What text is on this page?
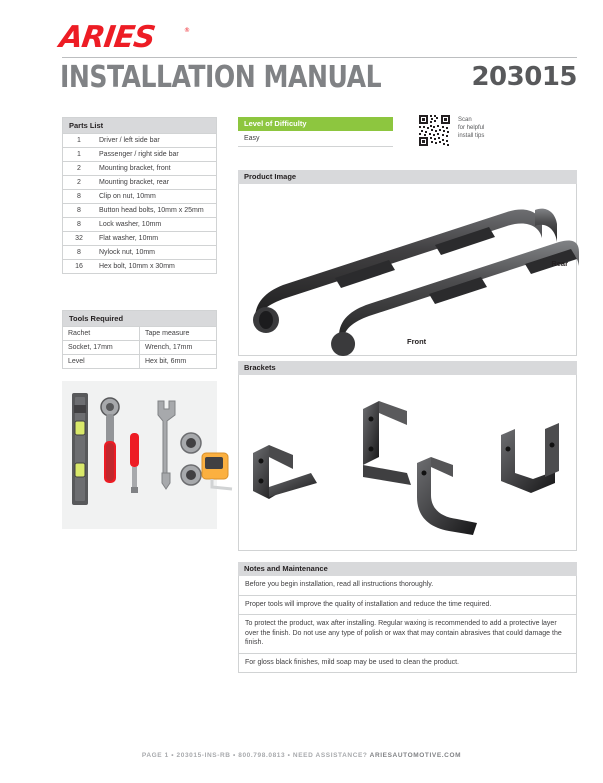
ARIES	®
INSTALLATION MANUAL	203015
Parts List
1	Driver / left side bar
1	Passenger / right side bar
2	Mounting bracket, front
2	Mounting bracket, rear
8	Clip on nut, 10mm
8	Button head bolts, 10mm x 25mm
8	Lock washer, 10mm
32	Flat washer, 10mm
8	Nylock nut, 10mm
16	Hex bolt, 10mm x 30mm
Tools Required
Rachet	Tape measure
Socket, 17mm	Wrench, 17mm
Level	Hex bit, 6mm
Level of Difficulty
Easy
Scan
for helpful
install tips
Product Image
Rear
Front
Brackets
Notes and Maintenance
Before you begin installation, read all instructions thoroughly.
Proper tools will improve the quality of installation and reduce the time required.
To protect the product, wax after installing. Regular waxing is recommended to add a protective layer over the finish. Do not use any type of polish or wax that may contain abrasives that could damage the finish.
For gloss black finishes, mild soap may be used to clean the product.
PAGE 1 • 203015-INS-RB • 800.798.0813 • NEED ASSISTANCE? ARIESAUTOMOTIVE.COM
